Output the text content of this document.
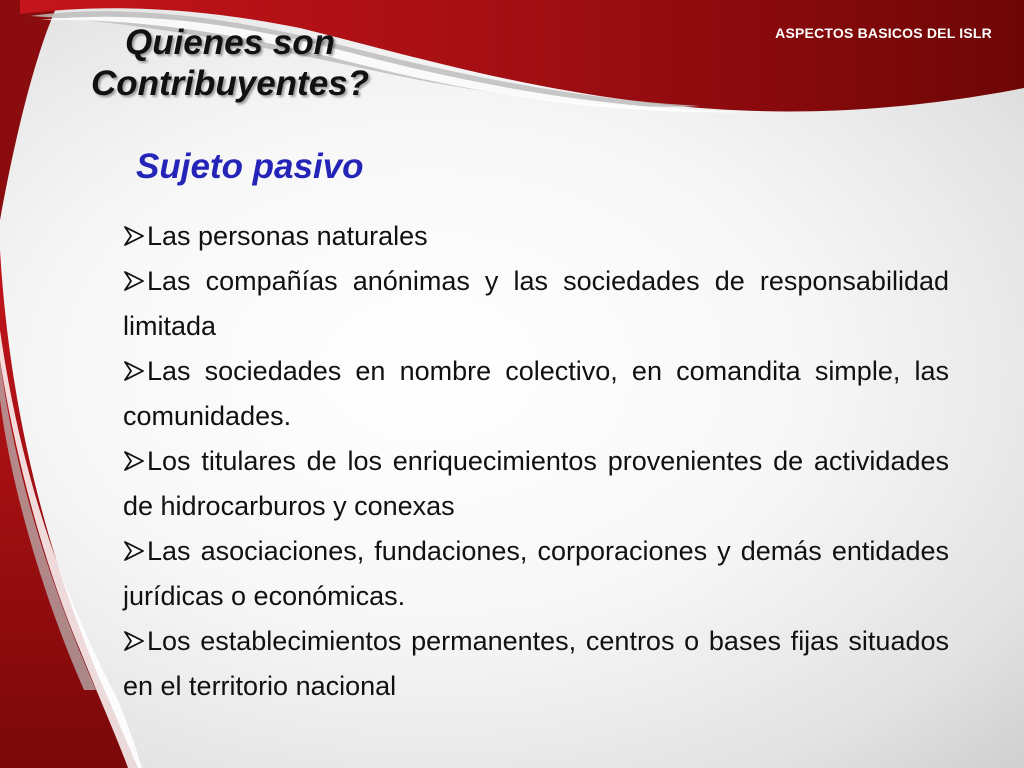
ASPECTOS BASICOS DEL ISLR
Quienes son
Contribuyentes?
Sujeto pasivo
Las personas naturales
Las compañías anónimas y las sociedades de responsabilidad limitada
Las sociedades en nombre colectivo, en comandita simple, las comunidades.
Los titulares de los enriquecimientos provenientes de actividades de hidrocarburos y conexas
Las asociaciones, fundaciones, corporaciones y demás entidades jurídicas o económicas.
Los establecimientos permanentes, centros o bases fijas situados en el territorio nacional
